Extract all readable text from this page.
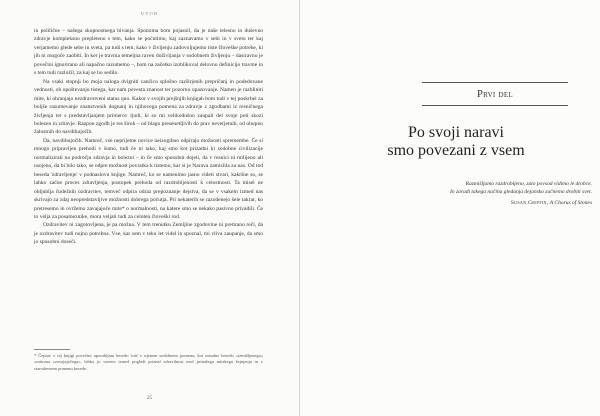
UVOD

in politične – našega skupnostnega bivanja. Sponoma bom pojasnil, da je naše telesno in duševno zdravje kompleksno prepleteno s tem, kako se počutimo, kaj zaznavamo v sebi in v svetu ter kaj verjamemo glede sebe in sveta, pa tudi s tem, kako v življenju zadovoljujemo tiste človeške potrebe, ki jih ni mogoče zaobiti. In ker je travma temeljna raven doživljanja v sodobnem življenju – dasiravno je povečini ignorirano ali napačno razumemo –, bom na začetku izoblikoval delovno definicijo travme in s tem tudi razložil, za kaj se bo sedilo.

Na vsaki stopnji bo moja naloga dvigniti cančico splošno razširjenih prepričanj in podedovane vednosti, ob upoštevanju tistega, kar nam povesta znanost ter pozorno opazovanje. Namen je razbliniti mite, ki ohranjajo nezdravstveni status quo. Kakor v svojih prejšnjih knjigah bom tudi v tej poskrbel za boljše razumevanje znanstvenih dognanj in njihovega pomena za zdravje z zgodbami iz resničnega življenja ter s predstavljanjem primerov ljudi, ki so mi velikodušno zaupali del svoje poti skozi bolezen in zdravje. Razpon zgodb je res širok – od blago presenetljivih do prav neverjetnih, od obupno žalostnih do navdihujočih.

Da, navdihujočih. Namreč, vse neprijetne novice neizogibno odpirajo možnosti spremembe. Če si mnogo pripravljen prehodi v šumo, tudi če ni tako, kaj smo kot prizadni ki sodobne civilizacije normalizirali na področju zdravja in bolezni – in če smo sposobni dojeti, da v resnici ni milijeno ali usojeno, da bi bilo tako, se odpre možnost povratka k tistemu, kar si je Narava zamislila za nas. Od tod beseda 'zdravljenje' v podnaslovu knjige. Namreč, ko se namenimo jasno videti stvari, kakršne so, se lahko začne proces zdravljenja, postopek prehoda od razdrobljenosti k celostnosti. Ta misel ne obljublja čudežnih ozdravitev, temveč odpira odraz prepoznanje dejstva, da se v vsakem izmed nas skrivajo za zdaj neopredstavljive možnosti dobrega počutja. Pri nekaterih se razodenejo šele takrat, ko pretresemo in ovržemo zavajajoče mite* o normalnosti, na katere smo se nekako pasivno privadili. Če to velja za posameznike, mora veljati tudi za celoten človeški rod.

Ozdravitev ni zagotovljena, je pa možna. V tem trenutku Zemljine zgodovine ni pretirano reči, da je ozdravitev tudi nujno potrebna. Vse, kar sem v teku let videl in spoznal, mi vliva zaupanje, da smo jo sposobni doseči.

* Čeprav v tej knjigi povečini uporabljam besedo 'mit' v njenem sodobnem pomenu, kot ostudno besedo »izmišljenega« »mitoma »zavajajočega«, lahko jo vseeno izmed pogledi priznal zdravilnost moč prinašega mitskega žejnjenja in v starodavnem pomenu besede.
25
Prvi del
Po svoji naravi
smo povezani z vsem
Razmišljamo razdrobljeno, zato povsod vidimo le drobce.
In zaradi takega načina gledanja dejansko začnemo drobiti svet.
Susan Griffin, A Chorus of Stones
